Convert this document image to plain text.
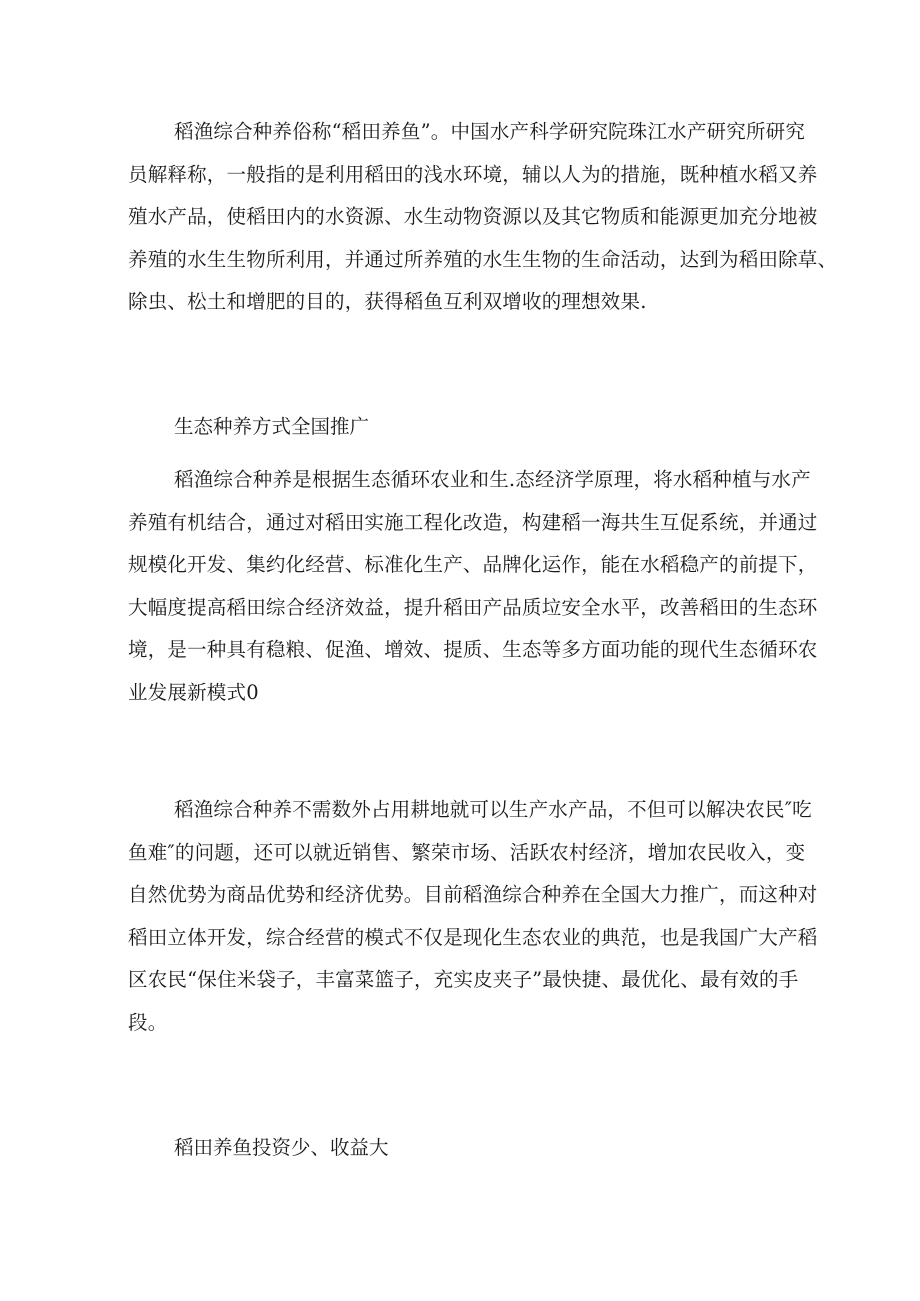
稻渔综合种养俗称“稻田养鱼”。中国水产科学研究院珠江水产研究所研究
员解释称，一般指的是利用稻田的浅水环境，辅以人为的措施，既种植水稻又养
殖水产品，使稻田内的水资源、水生动物资源以及其它物质和能源更加充分地被
养殖的水生生物所利用，并通过所养殖的水生生物的生命活动，达到为稻田除草、
除虫、松土和增肥的目的，获得稻鱼互利双增收的理想效果.

生态种养方式全国推广

稻渔综合种养是根据生态循环农业和生.态经济学原理，将水稻种植与水产
养殖有机结合，通过对稻田实施工程化改造，构建稻一海共生互促系统，并通过
规模化开发、集约化经营、标准化生产、品牌化运作，能在水稻稳产的前提下，
大幅度提高稻田综合经济效益，提升稻田产品质垃安全水平，改善稻田的生态环
境，是一种具有稳粮、促渔、增效、提质、生态等多方面功能的现代生态循环农
业发展新模式0

稻渔综合种养不需数外占用耕地就可以生产水产品，不但可以解决农民″吃
鱼难″的问题，还可以就近销售、繁荣市场、活跃农村经济，增加农民收入，变
自然优势为商品优势和经济优势。目前稻渔综合种养在全国大力推广，而这种对
稻田立体开发，综合经营的模式不仅是现化生态农业的典范，也是我国广大产稻
区农民“保住米袋子，丰富菜篮子，充实皮夹子”最快捷、最优化、最有效的手
段。

稻田养鱼投资少、收益大
